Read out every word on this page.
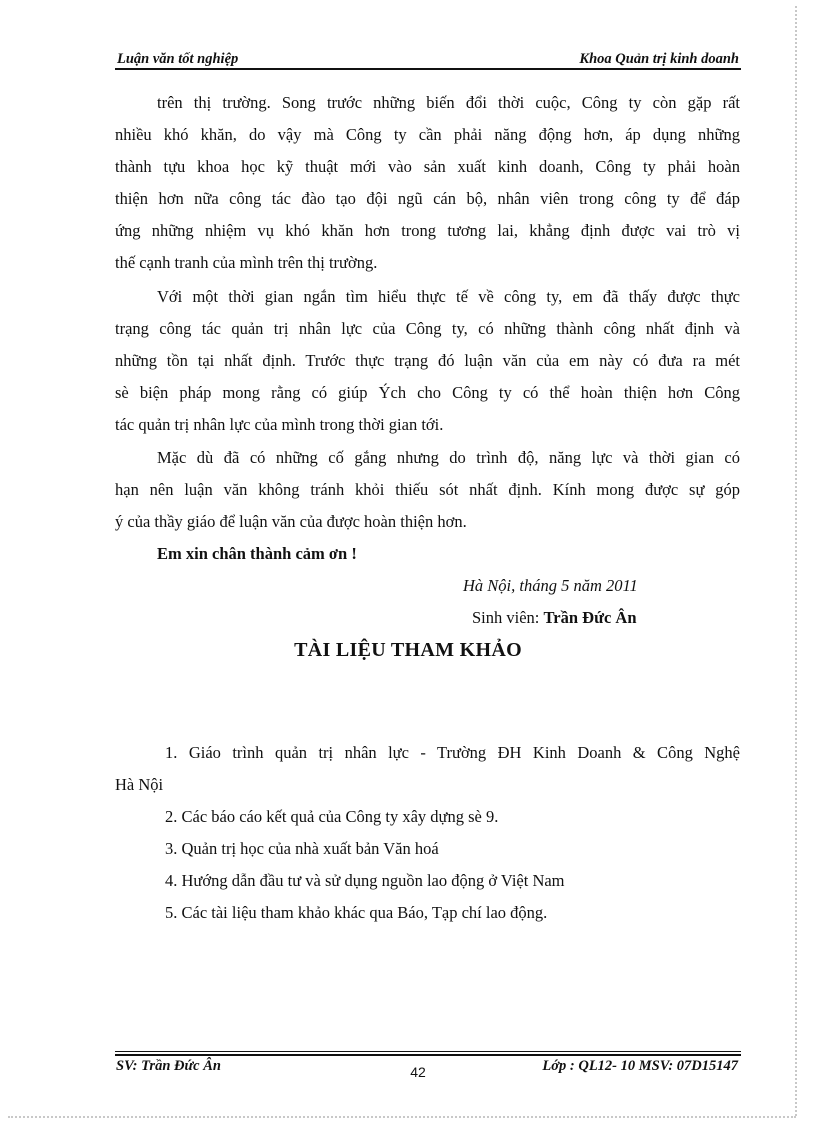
Luận văn tốt nghiệp	Khoa Quản trị kinh doanh
trên thị trường. Song trước những biến đổi thời cuộc, Công ty còn gặp rất
nhiều khó khăn, do vậy mà Công ty cần phải năng động hơn, áp dụng những
thành tựu khoa học kỹ thuật mới vào sản xuất kinh doanh, Công ty phải hoàn
thiện hơn nữa công tác đào tạo đội ngũ cán bộ, nhân viên trong công ty để đáp
ứng những nhiệm vụ khó khăn hơn trong tương lai, khẳng định được vai trò vị
thế cạnh tranh của mình trên thị trường.
Với một thời gian ngắn tìm hiểu thực tế về công ty, em đã thấy được thực
trạng công tác quản trị nhân lực của Công ty, có những thành công nhất định và
những tồn tại nhất định. Trước thực trạng đó luận văn của em này có đưa ra mét
sè biện pháp mong rằng có giúp Ých cho Công ty có thể hoàn thiện hơn Công
tác quản trị nhân lực của mình trong thời gian tới.
Mặc dù đã có những cố gắng nhưng do trình độ, năng lực và thời gian có
hạn nên luận văn không tránh khỏi thiếu sót nhất định. Kính mong được sự góp
ý của thầy giáo để luận văn của được hoàn thiện hơn.
Em xin chân thành cảm ơn !
Hà Nội, tháng 5 năm 2011
Sinh viên: Trần Đức Ân
TÀI LIỆU THAM KHẢO
1. Giáo trình quản trị nhân lực - Trường ĐH Kinh Doanh & Công Nghệ
Hà Nội
2. Các báo cáo kết quả của Công ty xây dựng sè 9.
3. Quản trị học của nhà xuất bản Văn hoá
4. Hướng dẫn đầu tư và sử dụng nguồn lao động ở Việt Nam
5. Các tài liệu tham khảo khác qua Báo, Tạp chí lao động.
SV: Trần Đức Ân	42	Lớp : QL12- 10 MSV: 07D15147
